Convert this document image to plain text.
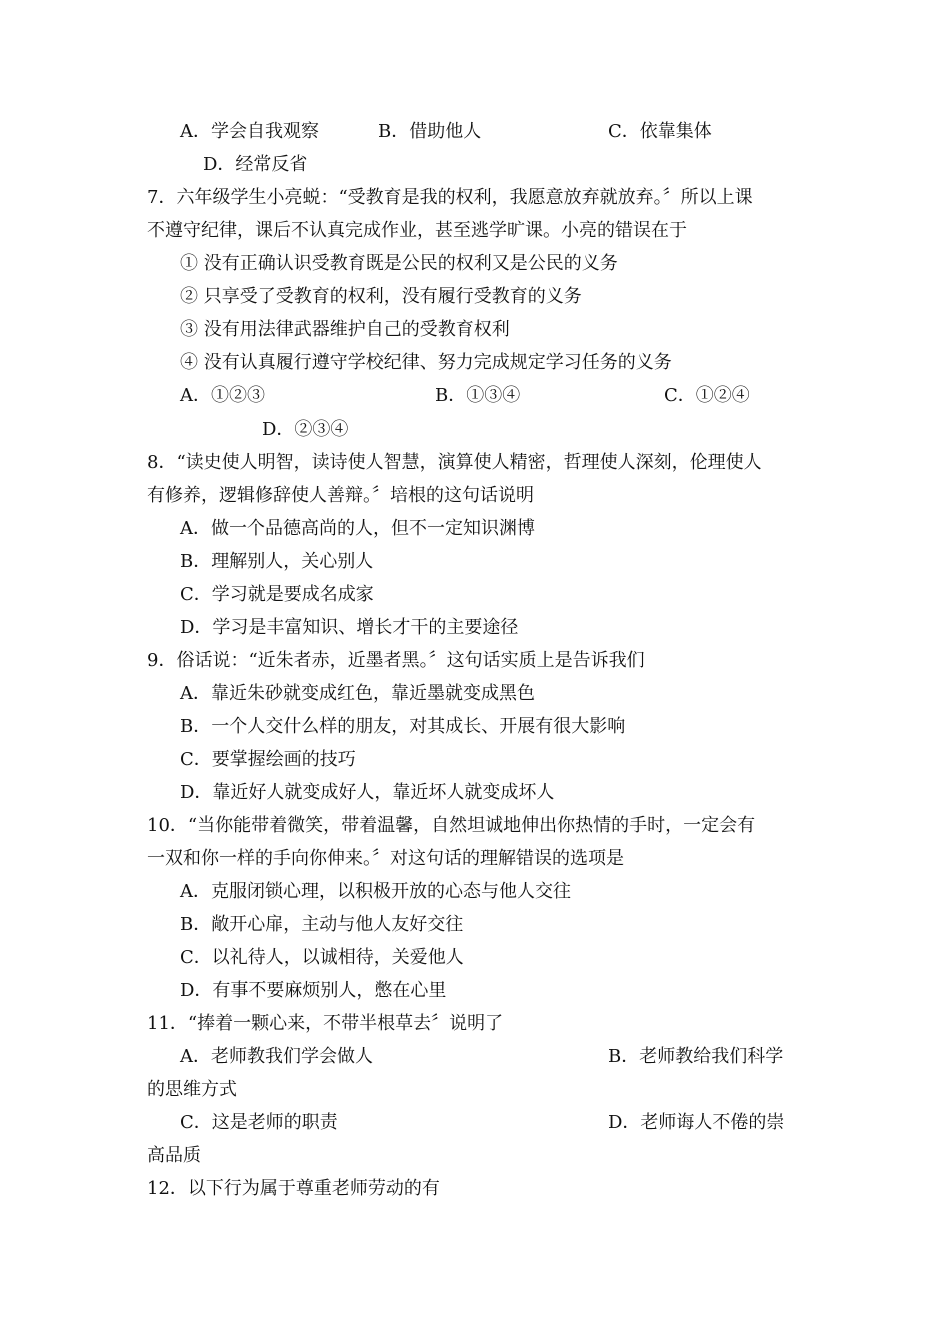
A．学会自我观察	B．借助他人	C．依靠集体
D．经常反省
7．六年级学生小亮蜕：“受教育是我的权利，我愿意放弃就放弃。〞所以上课
不遵守纪律，课后不认真完成作业，甚至逃学旷课。小亮的错误在于
① 没有正确认识受教育既是公民的权利又是公民的义务
② 只享受了受教育的权利，没有履行受教育的义务
③ 没有用法律武器维护自己的受教育权利
④ 没有认真履行遵守学校纪律、努力完成规定学习任务的义务
A．①②③	B．①③④	C．①②④
D．②③④
8．“读史使人明智，读诗使人智慧，演算使人精密，哲理使人深刻，伦理使人
有修养，逻辑修辞使人善辩。〞培根的这句话说明
A．做一个品德高尚的人，但不一定知识渊博
B．理解别人，关心别人
C．学习就是要成名成家
D．学习是丰富知识、增长才干的主要途径
9．俗话说：“近朱者赤，近墨者黑。〞这句话实质上是告诉我们
A．靠近朱砂就变成红色，靠近墨就变成黑色
B．一个人交什么样的朋友，对其成长、开展有很大影响
C．要掌握绘画的技巧
D．靠近好人就变成好人，靠近坏人就变成坏人
10．“当你能带着微笑，带着温馨，自然坦诚地伸出你热情的手时，一定会有
一双和你一样的手向你伸来。〞对这句话的理解错误的选项是
A．克服闭锁心理，以积极开放的心态与他人交往
B．敞开心扉，主动与他人友好交往
C．以礼待人，以诚相待，关爱他人
D．有事不要麻烦别人，憋在心里
11．“捧着一颗心来，不带半根草去〞说明了
A．老师教我们学会做人	B．老师教给我们科学
的思维方式
C．这是老师的职责	D．老师诲人不倦的崇
高品质
12．以下行为属于尊重老师劳动的有
